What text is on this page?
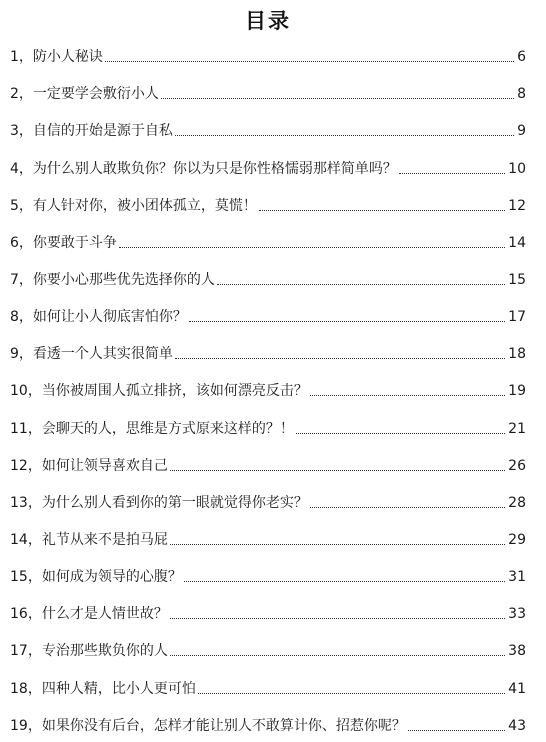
目录
1，防小人秘诀	6
2，一定要学会敷衍小人	8
3，自信的开始是源于自私	9
4，为什么别人敢欺负你？你以为只是你性格懦弱那样简单吗？	10
5，有人针对你，被小团体孤立，莫慌！	12
6，你要敢于斗争	14
7，你要小心那些优先选择你的人	15
8，如何让小人彻底害怕你？	17
9，看透一个人其实很简单	18
10，当你被周围人孤立排挤，该如何漂亮反击？	19
11，会聊天的人，思维是方式原来这样的？！	21
12，如何让领导喜欢自己	26
13，为什么别人看到你的第一眼就觉得你老实？	28
14，礼节从来不是拍马屁	29
15，如何成为领导的心腹？	31
16，什么才是人情世故？	33
17，专治那些欺负你的人	38
18，四种人精，比小人更可怕	41
19，如果你没有后台，怎样才能让别人不敢算计你、招惹你呢？	43
